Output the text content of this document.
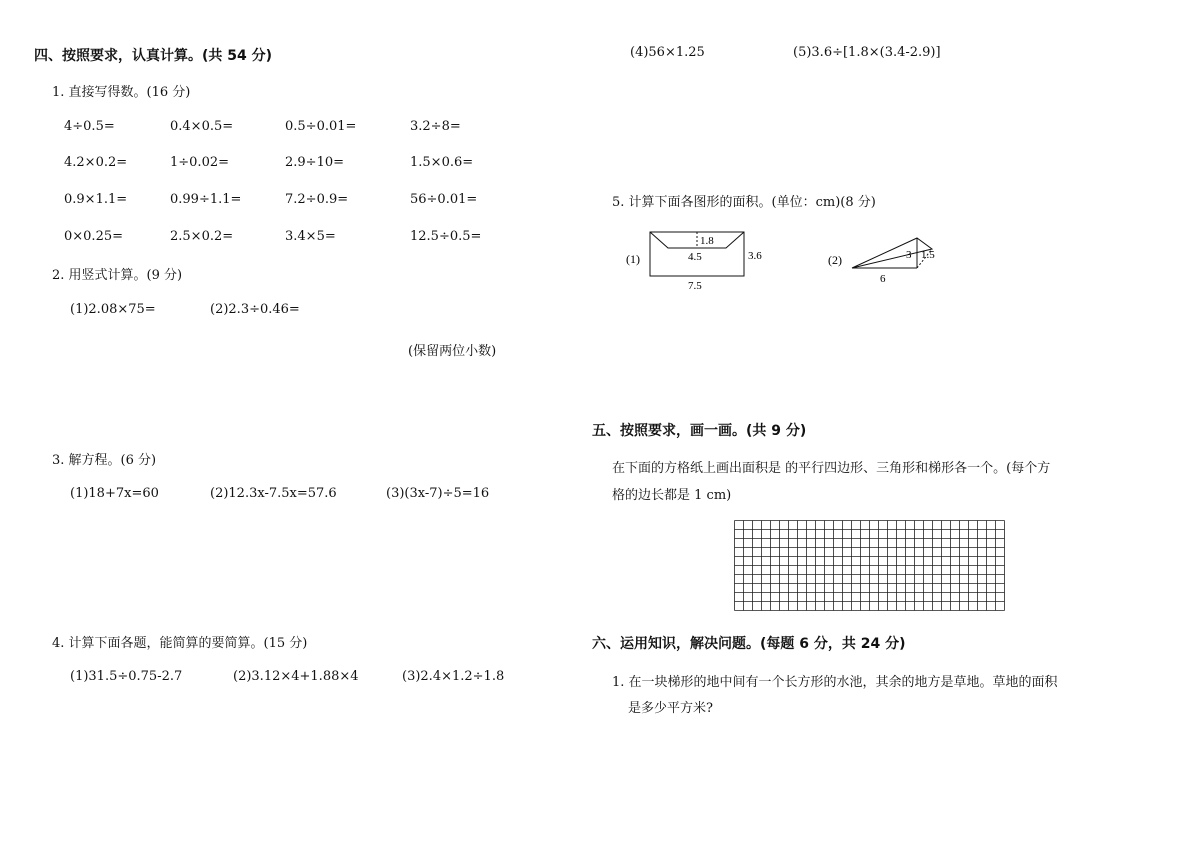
四、按照要求，认真计算。(共 54 分)
1. 直接写得数。(16 分)
4÷0.5=	0.4×0.5=	0.5÷0.01=	3.2÷8=
4.2×0.2=	1÷0.02=	2.9÷10=	1.5×0.6=
0.9×1.1=	0.99÷1.1=	7.2÷0.9=	56÷0.01=
0×0.25=	2.5×0.2=	3.4×5=	12.5÷0.5=
2. 用竖式计算。(9 分)
(1)2.08×75=	(2)2.3÷0.46=
(保留两位小数)
3. 解方程。(6 分)
(1)18+7x=60	(2)12.3x-7.5x=57.6	(3)(3x-7)÷5=16
4. 计算下面各题，能简算的要简算。(15 分)
(1)31.5÷0.75-2.7	(2)3.12×4+1.88×4	(3)2.4×1.2÷1.8
(4)56×1.25	(5)3.6÷[1.8×(3.4-2.9)]
5. 计算下面各图形的面积。(单位：cm)(8 分)
(1)
1.8
4.5	3.6
7.5
(2)	3 1.5
6
五、按照要求，画一画。(共 9 分)
在下面的方格纸上画出面积是 的平行四边形、三角形和梯形各一个。(每个方
格的边长都是 1 cm)
六、运用知识，解决问题。(每题 6 分，共 24 分)
1. 在一块梯形的地中间有一个长方形的水池，其余的地方是草地。草地的面积
是多少平方米?
